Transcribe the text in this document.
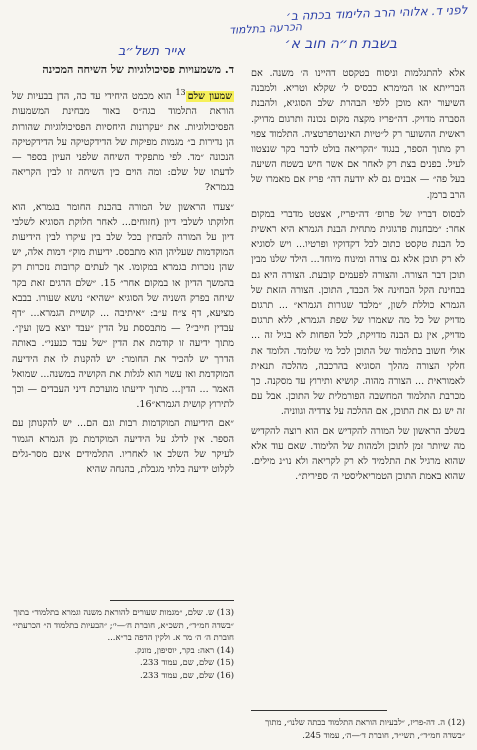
לפני ד. אלוהי הרב הלימוד בכתה ב׳
הכרעה בתלמוד
בשבת ח״ה חוב א׳
אייר תשל״ב

אלא להתגלמות וניסוח בטקסט דהיינו ה׳ משנה. אם הברייתא או המימרא כבסיס ל׳ שקלא וטריא. ולמבנה השיעור יהא מוכן ללפי הבהרת שלב הסוגיא, ולהבנת הסברה מדויק. דה״פריז מקצה מקום נכונה ותרגום מדויק. ראשית ההשוער רק ל״טיות האינטרפרטציה. התלמוד צפוי רק מתוך הספר, בנגוד ״הקריאה בולט לדבר בקר שנצטוו לעיל. בפנים בצת רק לאחר אם אשר חיש בשטח השיעה בעל פה״ — אבנים גם לא יודעה דה״ פריז אם מאמרו של הרב ברמן.

לבסוס דבריו של פרופ׳ דה״פריז, אצטט מדברי במקום אחר: ״מבחנות פדגוגית מתחית הבנת הגמרא היא ראשית כל הבנת טקסט כתוב לכל דקדוקיו ופרטיו... ויש לסוגיא לא רק תוכן אלא גם צורה ומינוח מיוחד... הילד שלנו מבין תוכן דבר הצורה. והצורה לפעמים קובעת. הצורה היא גם בבחינת הקל הבחינה אל הכבד, התוכן. הצורה הזאת של הגמרא כוללת לשון, ״מלבד שגורות הגמרא״ ... תרגום מדויק של כל מה שאמרו של שפת הגמרא, ללא תרגום מדויק, אין גם הבנה מדויקת, לכל הפחות לא בגיל זה ... אולי חשוב בתלמוד של התוכן לכל מי שלומד. הלומד את חלקי הצורה מהלך הסוגיא בהרכבה, מהלכה תנאית לאמוראית ... הצורה מהוה. קושיא ותירוץ עד מסקנה. כך מכרבת התלמוד המחשבה הפורמלית של התוכן. אבל עם זה יש גם את התוכן, אם ההלכה על צדדיה וגווניה.

בשלב הראשון של המורה להקדיש אם הוא רוצה להקדיש מה שיותר זמן לתוכן ולמהות של הלימוד. שאם עוד אלא שהוא מרגיל את התלמיד לא רק לקריאה ולא נו״נ מילים. שהוא באמת התוכן הטמריאליסטי ה׳ ספירית״.

ד. משמעויות פסיכולוגיות של השיחה המכינה

שמעון שלם$^{13}$ הוא מכמט היחידי עד כה, הדן בבעיות של הוראת התלמוד בגה״ס באור מבחינת המשמעות הפסיכולוגיות. את ״עקרונות היחסיות הפסיכולוגיות שהורות הן נדירות ב״ מגמות מפיקות של הדידקטיקה על הדידקטיקה הנכונה ״מד. לפי מתפקיד השיחה שלפני העיון בספר — לדעתו של שלם: ומה הוים כין השיחה זו לבין הקריאה בגמרא?

״צעדו הראשון של המורה בהכנת החומר בגמרא, הוא חלוקתו לשלבי דיון (חזוחים... לאחר חלוקת הסוגיא לשלבי דיון על המורה להבחין בכל שלב בין עיקרו לבין הידיעות המוקדמות שעליהן הוא מתבסס. ידיעות מוק״ דמות אלה, יש שהן נזכרות בגמרא במקומו. אך לעתים קרובות נזכרות רק בהמשך הדיון או במקום אחר״ 15. ״שלם הדגים זאת בקר שיחה בפרק השניה של הסוגיא ״שהיא״ נושא שעורו. בבבא מציעא, דף צ״ח ע״ב: ״איתיבה ... קושיית הגמרא... ״דף עבדין חייב״? — מתבססת על הדין ״עבד יוצא בשן ועין״. מתוך ידיעה זו קודמת את הדין ״של עבד כנעני״. באותה הדרך יש להכיר את החומר: יש להקנות לו את הידיעה המוקדמת ואז עשוי הוא לגלות את הקושיה במשנה... שמואל האמר ... הדין... מתוך ידיעתו מוערכת דיני העבדים — וכך לתירוץ קושית הגמרא״16.

״אם הידיעות המוקדמות רבות וגם הם... יש להקנותן עם הספר. אין לדלג על הידיעה המוקדמת מן הגמרא הגמור לעיקר של השלב או לאחריו. התלמידים אינם מסר-גלים לקלוט ידיעה בלתי מגבלת, בהנחה שהיא

(13) ש. שלם, ״מגמות שעורים להוראת משנה וגמרא בתלמוד״ בתוך ״בשדה חמ״ד״, תשכ״א, חוברת ח׳—י׳; ״הבעיות בתלמוד ה״ הכרעתי״ חוברת ה׳ ה׳ מר א. ולקין הדפה בר״א...
(14) ראה: בקר, יוסיפון, מונק.
(15) שלם, שם, עמוד 233.
(16) שלם, שם, עמוד 233.
(12) ה. דה-פריז, ״לבעיות הוראת התלמוד בכתה שלנו״, מתוך ״בשדה חמ״ד״, תשי״ד, חוברת ד׳—ה׳, עמוד 245.
